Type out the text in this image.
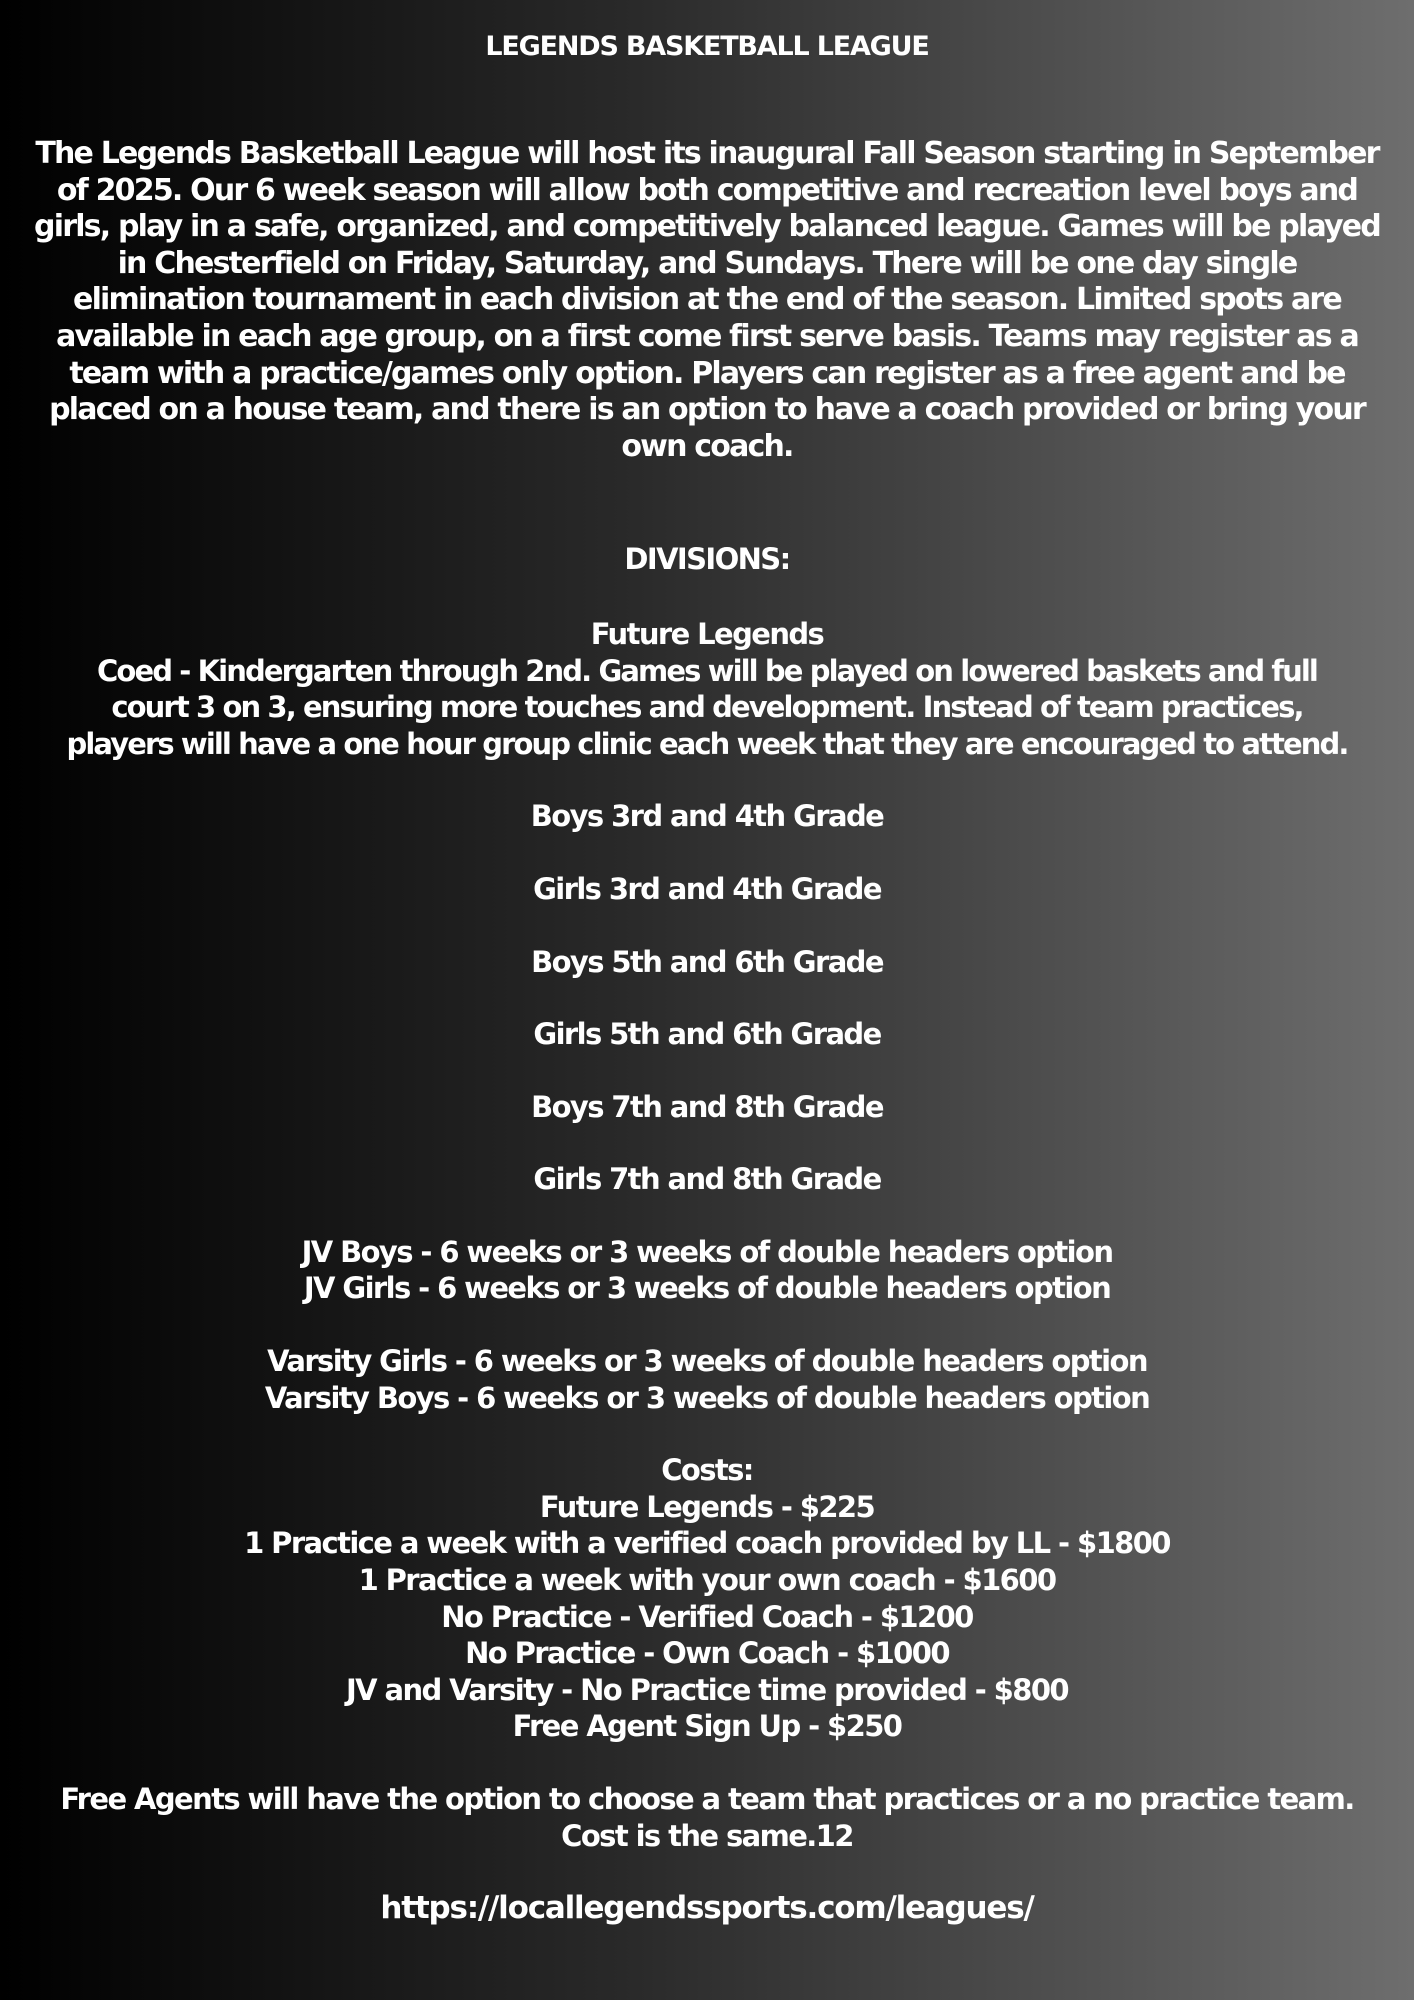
LEGENDS BASKETBALL LEAGUE
The Legends Basketball League will host its inaugural Fall Season starting in September
of 2025. Our 6 week season will allow both competitive and recreation level boys and
girls, play in a safe, organized, and competitively balanced league. Games will be played
in Chesterfield on Friday, Saturday, and Sundays. There will be one day single
elimination tournament in each division at the end of the season. Limited spots are
available in each age group, on a first come first serve basis. Teams may register as a
team with a practice/games only option. Players can register as a free agent and be
placed on a house team, and there is an option to have a coach provided or bring your
own coach.

DIVISIONS:

Future Legends

Coed - Kindergarten through 2nd. Games will be played on lowered baskets and full
court 3 on 3, ensuring more touches and development. Instead of team practices,
players will have a one hour group clinic each week that they are encouraged to attend.

Boys 3rd and 4th Grade

Girls 3rd and 4th Grade

Boys 5th and 6th Grade

Girls 5th and 6th Grade

Boys 7th and 8th Grade

Girls 7th and 8th Grade

JV Boys - 6 weeks or 3 weeks of double headers option
JV Girls - 6 weeks or 3 weeks of double headers option
Varsity Girls - 6 weeks or 3 weeks of double headers option
Varsity Boys - 6 weeks or 3 weeks of double headers option
Costs:
Future Legends - $225
1 Practice a week with a verified coach provided by LL - $1800
1 Practice a week with your own coach - $1600
No Practice - Verified Coach - $1200
No Practice - Own Coach - $1000
JV and Varsity - No Practice time provided - $800
Free Agent Sign Up - $250
Free Agents will have the option to choose a team that practices or a no practice team.
Cost is the same.12

https://locallegendssports.com/leagues/
